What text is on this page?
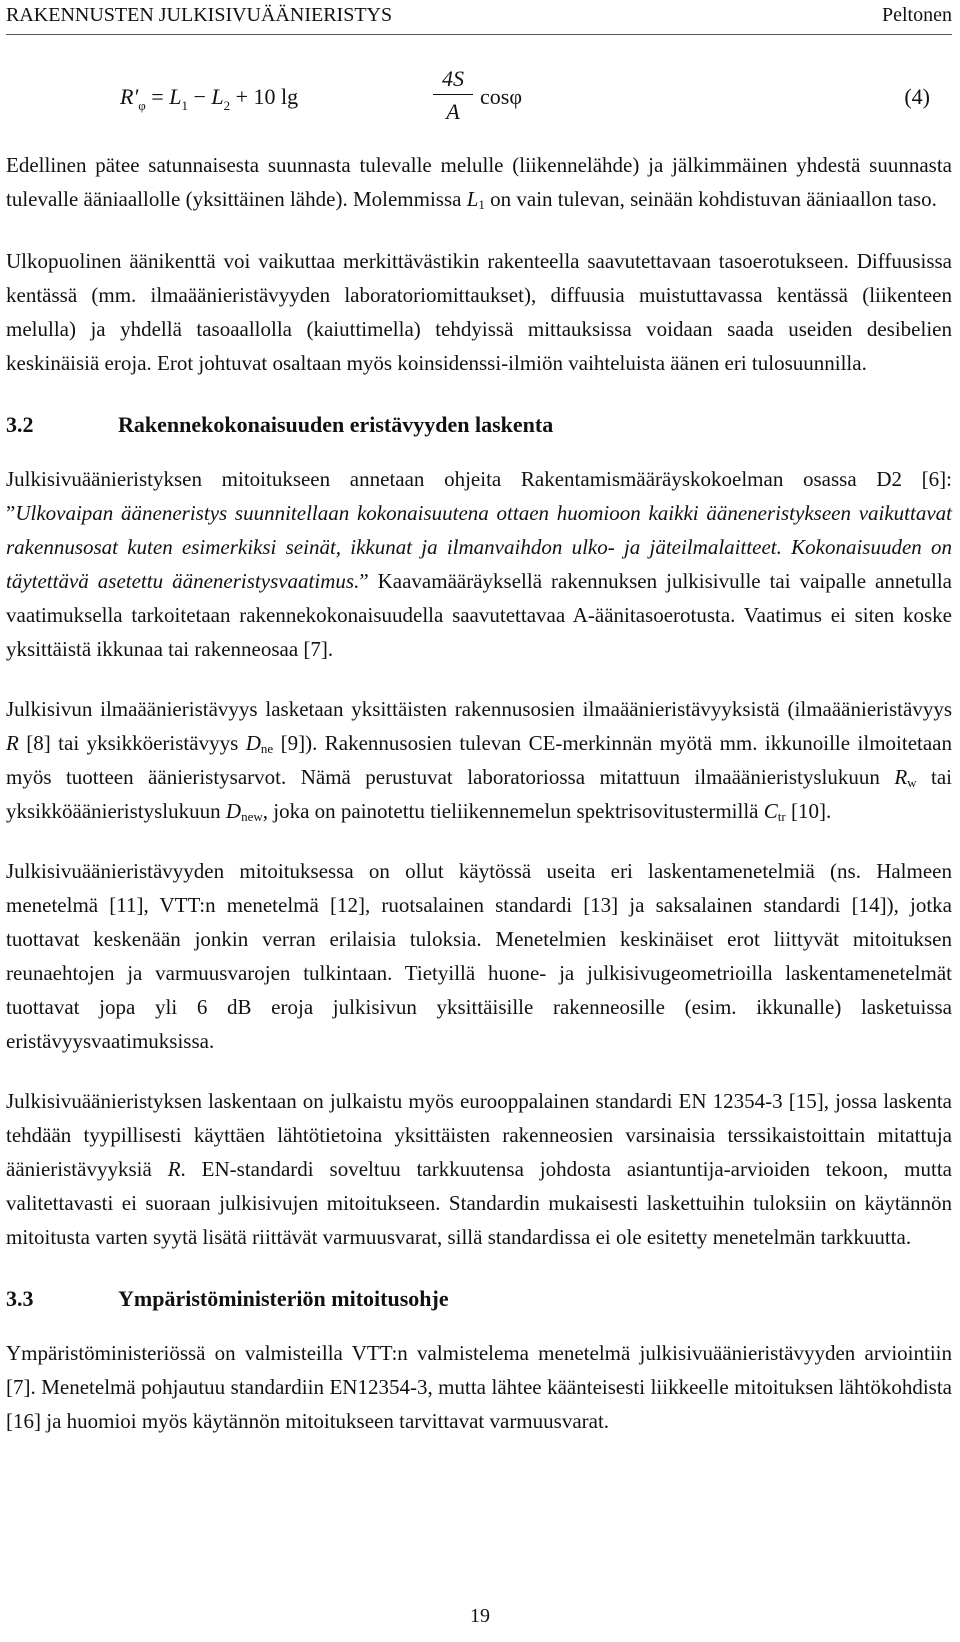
RAKENNUSTEN JULKISIVUÄÄNIERISTYS	Peltonen
$R'_\varphi = L_1 - L_2 + 10$ lg	$\frac{4S}{A}$ cosφ	(4)

Edellinen pätee satunnaisesta suunnasta tulevalle melulle (liikennelähde) ja jälkimmäinen yhdestä suunnasta tulevalle ääniaallolle (yksittäinen lähde). Molemmissa $L_1$ on vain tulevan, seinään kohdistuvan ääniaallon taso.

Ulkopuolinen äänikenttä voi vaikuttaa merkittävästikin rakenteella saavutettavaan tasoerotukseen. Diffuusissa kentässä (mm. ilmaäänieristävyyden laboratoriomittaukset), diffuusia muistuttavassa kentässä (liikenteen melulla) ja yhdellä tasoaallolla (kaiuttimella) tehdyissä mittauksissa voidaan saada useiden desibelien keskinäisiä eroja. Erot johtuvat osaltaan myös koinsidenssi-ilmiön vaihteluista äänen eri tulosuunnilla.

3.2	Rakennekokonaisuuden eristävyyden laskenta

Julkisivuäänieristyksen mitoitukseen annetaan ohjeita Rakentamismääräyskokoelman osassa D2 [6]: ”Ulkovaipan ääneneristys suunnitellaan kokonaisuutena ottaen huomioon kaikki ääneneristykseen vaikuttavat rakennusosat kuten esimerkiksi seinät, ikkunat ja ilmanvaihdon ulko- ja jäteilmalaitteet. Kokonaisuuden on täytettävä asetettu ääneneristysvaatimus.” Kaavamääräyksellä rakennuksen julkisivulle tai vaipalle annetulla vaatimuksella tarkoitetaan rakennekokonaisuudella saavutettavaa A-äänitasoerotusta. Vaatimus ei siten koske yksittäistä ikkunaa tai rakenneosaa [7].

Julkisivun ilmaäänieristävyys lasketaan yksittäisten rakennusosien ilmaäänieristävyyksistä (ilmaäänieristävyys R [8] tai yksikköeristävyys $D_{ne}$ [9]). Rakennusosien tulevan CE-merkinnän myötä mm. ikkunoille ilmoitetaan myös tuotteen äänieristysarvot. Nämä perustuvat laboratoriossa mitattuun ilmaäänieristyslukuun $R_w$ tai yksikköäänieristyslukuun $D_{new}$, joka on painotettu tieliikennemelun spektrisovitustermillä $C_{tr}$ [10].

Julkisivuäänieristävyyden mitoituksessa on ollut käytössä useita eri laskentamenetelmiä (ns. Halmeen menetelmä [11], VTT:n menetelmä [12], ruotsalainen standardi [13] ja saksalainen standardi [14]), jotka tuottavat keskenään jonkin verran erilaisia tuloksia. Menetelmien keskinäiset erot liittyvät mitoituksen reunaehtojen ja varmuusvarojen tulkintaan. Tietyillä huone- ja julkisivugeometrioilla laskentamenetelmät tuottavat jopa yli 6 dB eroja julkisivun yksittäisille rakenneosille (esim. ikkunalle) lasketuissa eristävyysvaatimuksissa.

Julkisivuäänieristyksen laskentaan on julkaistu myös eurooppalainen standardi EN 12354-3 [15], jossa laskenta tehdään tyypillisesti käyttäen lähtötietoina yksittäisten rakenneosien varsinaisia terssikaistoittain mitattuja äänieristävyyksiä R. EN-standardi soveltuu tarkkuutensa johdosta asiantuntija-arvioiden tekoon, mutta valitettavasti ei suoraan julkisivujen mitoitukseen. Standardin mukaisesti laskettuihin tuloksiin on käytännön mitoitusta varten syytä lisätä riittävät varmuusvarat, sillä standardissa ei ole esitetty menetelmän tarkkuutta.

3.3	Ympäristöministeriön mitoitusohje

Ympäristöministeriössä on valmisteilla VTT:n valmistelema menetelmä julkisivuäänieristävyyden arviointiin [7]. Menetelmä pohjautuu standardiin EN12354-3, mutta lähtee käänteisesti liikkeelle mitoituksen lähtökohdista [16] ja huomioi myös käytännön mitoitukseen tarvittavat varmuusvarat.

19
